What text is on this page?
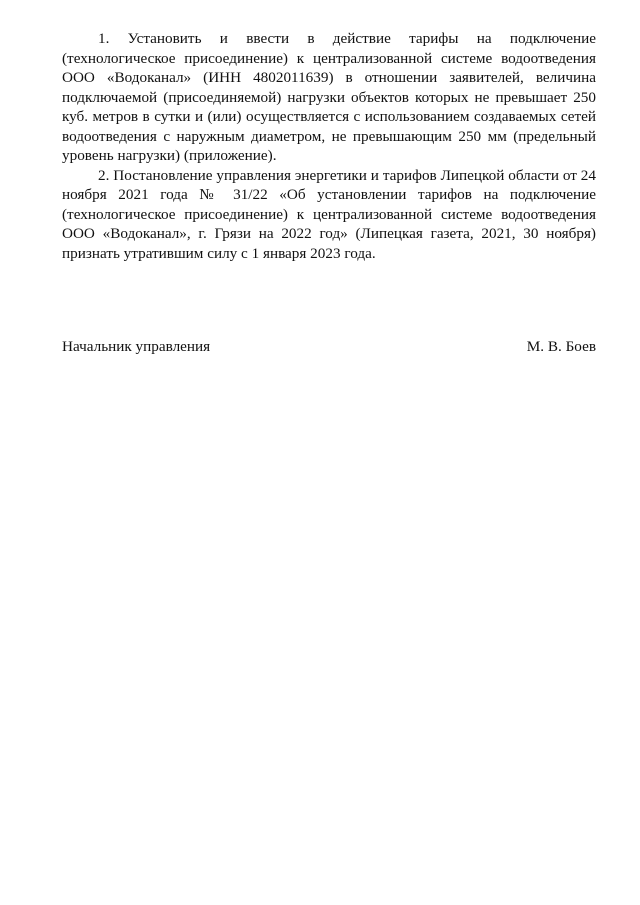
1. Установить и ввести в действие тарифы на подключение (технологическое присоединение) к централизованной системе водоотведения ООО «Водоканал» (ИНН 4802011639) в отношении заявителей, величина подключаемой (присоединяемой) нагрузки объектов которых не превышает 250 куб. метров в сутки и (или) осуществляется с использованием создаваемых сетей водоотведения с наружным диаметром, не превышающим 250 мм (предельный уровень нагрузки) (приложение).

2. Постановление управления энергетики и тарифов Липецкой области от 24 ноября 2021 года № 31/22 «Об установлении тарифов на подключение (технологическое присоединение) к централизованной системе водоотведения ООО «Водоканал», г. Грязи на 2022 год» (Липецкая газета, 2021, 30 ноября) признать утратившим силу с 1 января 2023 года.

Начальник управления	М. В. Боев
